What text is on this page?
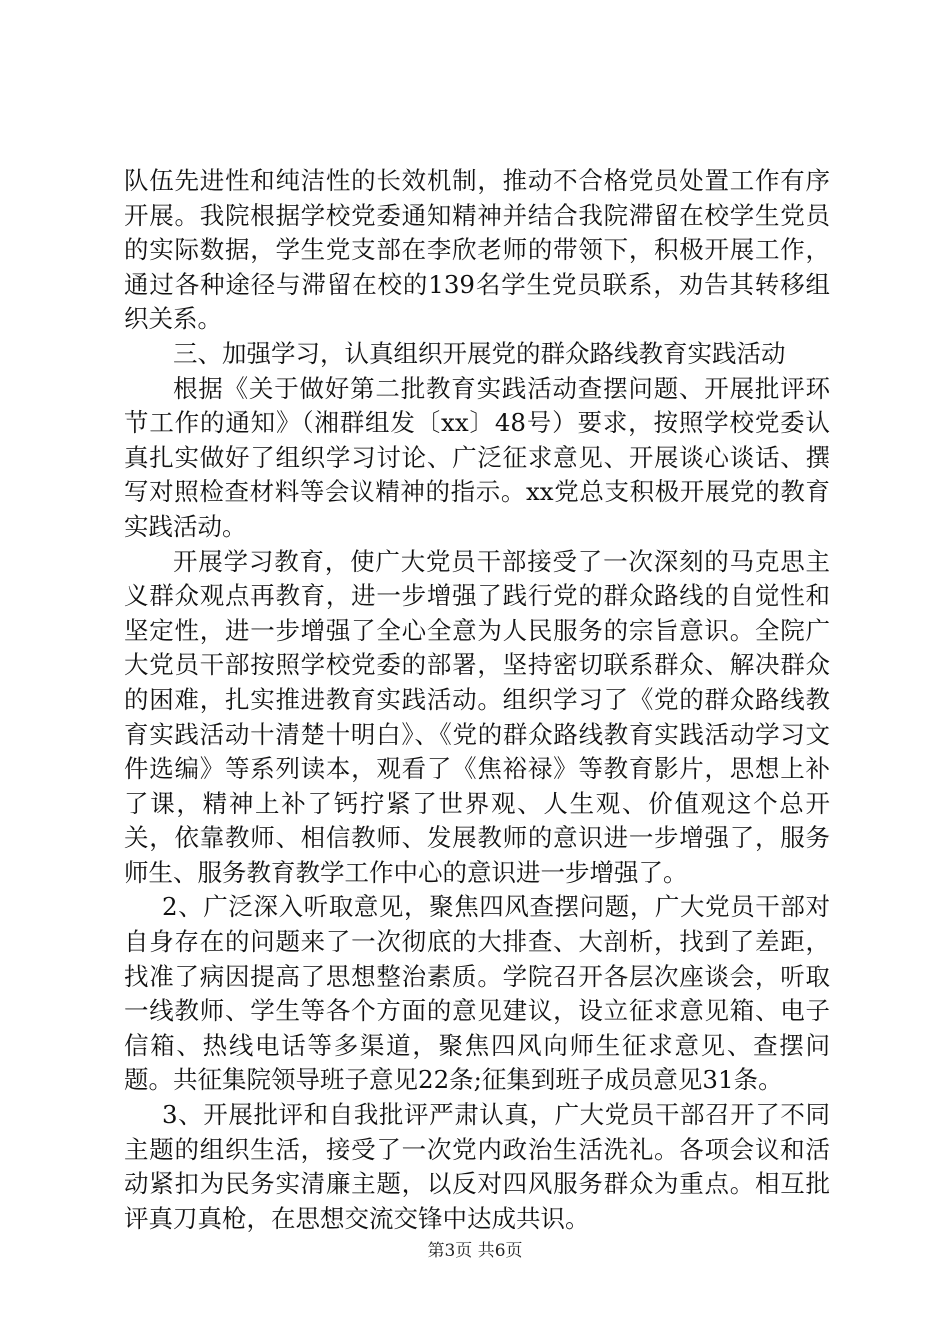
队伍先进性和纯洁性的长效机制，推动不合格党员处置工作有序开展。我院根据学校党委通知精神并结合我院滞留在校学生党员的实际数据，学生党支部在李欣老师的带领下，积极开展工作，通过各种途径与滞留在校的139名学生党员联系，劝告其转移组织关系。

三、加强学习，认真组织开展党的群众路线教育实践活动

根据《关于做好第二批教育实践活动查摆问题、开展批评环节工作的通知》（湘群组发〔xx〕48号）要求，按照学校党委认真扎实做好了组织学习讨论、广泛征求意见、开展谈心谈话、撰写对照检查材料等会议精神的指示。xx党总支积极开展党的教育实践活动。

开展学习教育，使广大党员干部接受了一次深刻的马克思主义群众观点再教育，进一步增强了践行党的群众路线的自觉性和坚定性，进一步增强了全心全意为人民服务的宗旨意识。全院广大党员干部按照学校党委的部署，坚持密切联系群众、解决群众的困难，扎实推进教育实践活动。组织学习了《党的群众路线教育实践活动十清楚十明白》、《党的群众路线教育实践活动学习文件选编》等系列读本，观看了《焦裕禄》等教育影片，思想上补了课，精神上补了钙拧紧了世界观、人生观、价值观这个总开关，依靠教师、相信教师、发展教师的意识进一步增强了，服务师生、服务教育教学工作中心的意识进一步增强了。

2、广泛深入听取意见，聚焦四风查摆问题，广大党员干部对自身存在的问题来了一次彻底的大排查、大剖析，找到了差距，找准了病因提高了思想整治素质。学院召开各层次座谈会，听取一线教师、学生等各个方面的意见建议，设立征求意见箱、电子信箱、热线电话等多渠道，聚焦四风向师生征求意见、查摆问题。共征集院领导班子意见22条;征集到班子成员意见31条。

3、开展批评和自我批评严肃认真，广大党员干部召开了不同主题的组织生活，接受了一次党内政治生活洗礼。各项会议和活动紧扣为民务实清廉主题，以反对四风服务群众为重点。相互批评真刀真枪，在思想交流交锋中达成共识。

第3页 共6页
